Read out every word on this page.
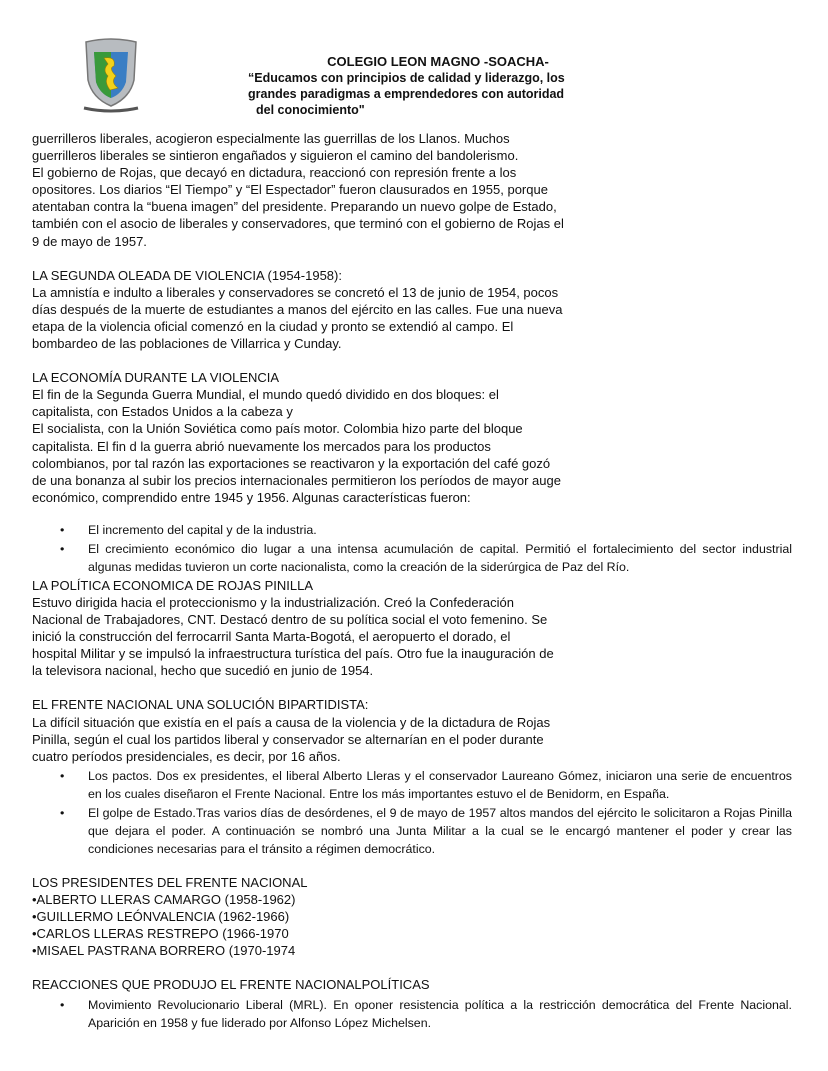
COLEGIO LEON MAGNO -SOACHA-
“Educamos con principios de calidad y liderazgo, los
grandes paradigmas a emprendedores con autoridad
del conocimiento"
guerrilleros liberales, acogieron especialmente las guerrillas de los Llanos. Muchos
guerrilleros liberales se sintieron engañados y siguieron el camino del bandolerismo.
El gobierno de Rojas, que decayó en dictadura, reaccionó con represión frente a los
opositores. Los diarios “El Tiempo” y “El Espectador” fueron clausurados en 1955, porque
atentaban contra la “buena imagen” del presidente. Preparando un nuevo golpe de Estado,
también con el asocio de liberales y conservadores, que terminó con el gobierno de Rojas el
9 de mayo de 1957.
LA SEGUNDA OLEADA DE VIOLENCIA (1954-1958):
La amnistía e indulto a liberales y conservadores se concretó el 13 de junio de 1954, pocos
días después de la muerte de estudiantes a manos del ejército en las calles. Fue una nueva
etapa de la violencia oficial comenzó en la ciudad y pronto se extendió al campo. El
bombardeo de las poblaciones de Villarrica y Cunday.
LA ECONOMÍA DURANTE LA VIOLENCIA
El fin de la Segunda Guerra Mundial, el mundo quedó dividido en dos bloques: el
capitalista, con Estados Unidos a la cabeza y
El socialista, con la Unión Soviética como país motor. Colombia hizo parte del bloque
capitalista. El fin d la guerra abrió nuevamente los mercados para los productos
colombianos, por tal razón las exportaciones se reactivaron y la exportación del café gozó
de una bonanza al subir los precios internacionales permitieron los períodos de mayor auge
económico, comprendido entre 1945 y 1956. Algunas características fueron:
• El incremento del capital y de la industria.
• El crecimiento económico dio lugar a una intensa acumulación de capital. Permitió el fortalecimiento del sector industrial algunas medidas tuvieron un corte nacionalista, como la creación de la siderúrgica de Paz del Río.
LA POLÍTICA ECONOMICA DE ROJAS PINILLA
Estuvo dirigida hacia el proteccionismo y la industrialización. Creó la Confederación
Nacional de Trabajadores, CNT. Destacó dentro de su política social el voto femenino. Se
inició la construcción del ferrocarril Santa Marta-Bogotá, el aeropuerto el dorado, el
hospital Militar y se impulsó la infraestructura turística del país. Otro fue la inauguración de
la televisora nacional, hecho que sucedió en junio de 1954.
EL FRENTE NACIONAL UNA SOLUCIÓN BIPARTIDISTA:
La difícil situación que existía en el país a causa de la violencia y de la dictadura de Rojas
Pinilla, según el cual los partidos liberal y conservador se alternarían en el poder durante
cuatro períodos presidenciales, es decir, por 16 años.
• Los pactos. Dos ex presidentes, el liberal Alberto Lleras y el conservador Laureano Gómez, iniciaron una serie de encuentros en los cuales diseñaron el Frente Nacional. Entre los más importantes estuvo el de Benidorm, en España.
• El golpe de Estado.Tras varios días de desórdenes, el 9 de mayo de 1957 altos mandos del ejército le solicitaron a Rojas Pinilla que dejara el poder. A continuación se nombró una Junta Militar a la cual se le encargó mantener el poder y crear las condiciones necesarias para el tránsito a régimen democrático.
LOS PRESIDENTES DEL FRENTE NACIONAL
•ALBERTO LLERAS CAMARGO (1958-1962)
•GUILLERMO LEÓNVALENCIA (1962-1966)
•CARLOS LLERAS RESTREPO (1966-1970
•MISAEL PASTRANA BORRERO (1970-1974
REACCIONES QUE PRODUJO EL FRENTE NACIONALPOLÍTICAS
• Movimiento Revolucionario Liberal (MRL). En oponer resistencia política a la restricción democrática del Frente Nacional. Aparición en 1958 y fue liderado por Alfonso López Michelsen.
